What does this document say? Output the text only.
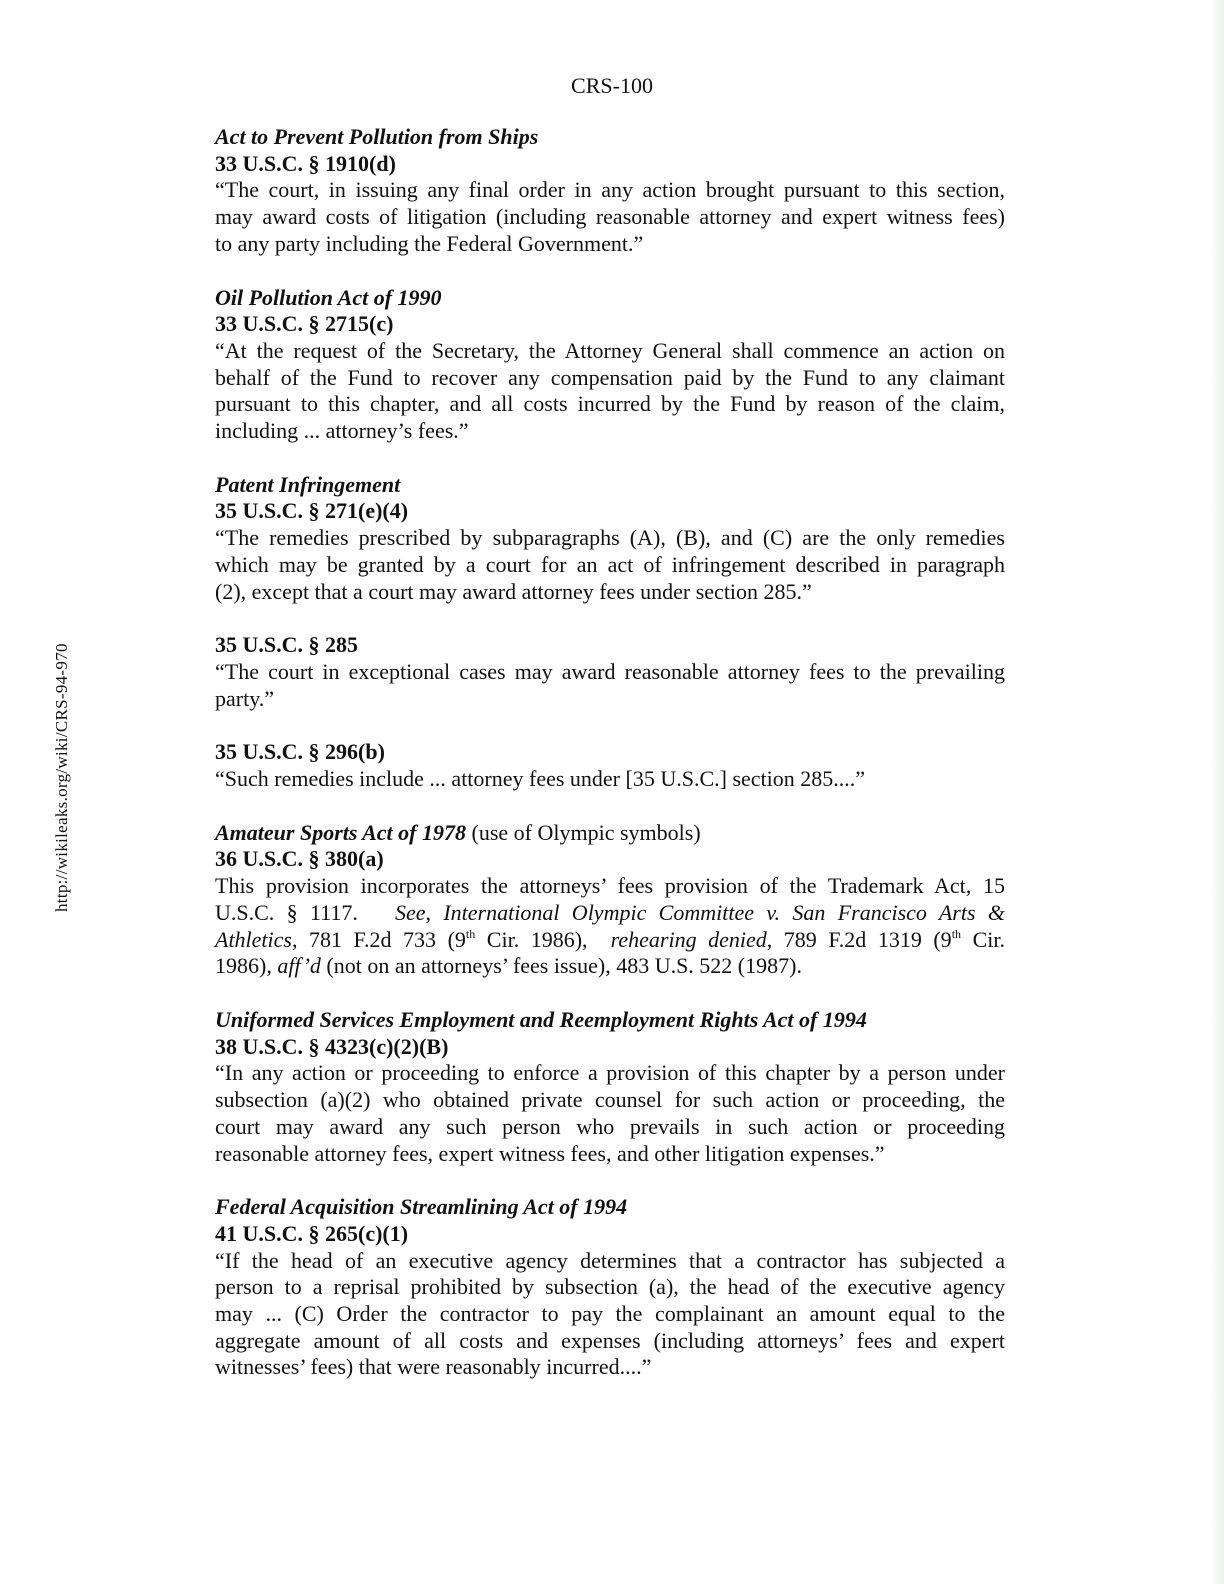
CRS-100
http://wikileaks.org/wiki/CRS-94-970
Act to Prevent Pollution from Ships
33 U.S.C. § 1910(d)
“The court, in issuing any final order in any action brought pursuant to this section,
may award costs of litigation (including reasonable attorney and expert witness fees)
to any party including the Federal Government.”
Oil Pollution Act of 1990
33 U.S.C. § 2715(c)
“At the request of the Secretary, the Attorney General shall commence an action on
behalf of the Fund to recover any compensation paid by the Fund to any claimant
pursuant to this chapter, and all costs incurred by the Fund by reason of the claim,
including ... attorney’s fees.”
Patent Infringement
35 U.S.C. § 271(e)(4)
“The remedies prescribed by subparagraphs (A), (B), and (C) are the only remedies
which may be granted by a court for an act of infringement described in paragraph
(2), except that a court may award attorney fees under section 285.”
35 U.S.C. § 285
“The court in exceptional cases may award reasonable attorney fees to the prevailing
party.”
35 U.S.C. § 296(b)
“Such remedies include ... attorney fees under [35 U.S.C.] section 285....”
Amateur Sports Act of 1978 (use of Olympic symbols)
36 U.S.C. § 380(a)
This provision incorporates the attorneys’ fees provision of the Trademark Act, 15
U.S.C. § 1117.   See, International Olympic Committee v. San Francisco Arts &
Athletics, 781 F.2d 733 (9th Cir. 1986),  rehearing denied, 789 F.2d 1319 (9th Cir.
1986), aff’d (not on an attorneys’ fees issue), 483 U.S. 522 (1987).
Uniformed Services Employment and Reemployment Rights Act of 1994
38 U.S.C. § 4323(c)(2)(B)
“In any action or proceeding to enforce a provision of this chapter by a person under
subsection (a)(2) who obtained private counsel for such action or proceeding, the
court may award any such person who prevails in such action or proceeding
reasonable attorney fees, expert witness fees, and other litigation expenses.”
Federal Acquisition Streamlining Act of 1994
41 U.S.C. § 265(c)(1)
“If the head of an executive agency determines that a contractor has subjected a
person to a reprisal prohibited by subsection (a), the head of the executive agency
may ... (C) Order the contractor to pay the complainant an amount equal to the
aggregate amount of all costs and expenses (including attorneys’ fees and expert
witnesses’ fees) that were reasonably incurred....”
